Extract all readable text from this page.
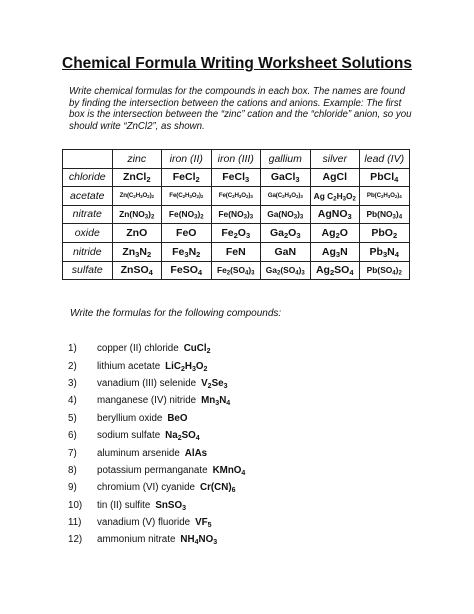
Chemical Formula Writing Worksheet Solutions
Write chemical formulas for the compounds in each box. The names are found by finding the intersection between the cations and anions. Example: The first box is the intersection between the “zinc” cation and the “chloride” anion, so you should write “ZnCl2”, as shown.
	zinc	iron (II)	iron (III)	gallium	silver	lead (IV)
chloride	ZnCl$_2$	FeCl$_2$	FeCl$_3$	GaCl$_3$	AgCl	PbCl$_4$
acetate	$Zn(C_2H_3O_2)_2$	$Fe(C_2H_3O_2)_2$	$Fe(C_2H_3O_2)_3$	$Ga(C_2H_3O_2)_3$	Ag $C_2H_3O_2$	$Pb(C_2H_3O_2)_4$
nitrate	$Zn(NO_3)_2$	$Fe(NO_3)_2$	$Fe(NO_3)_3$	$Ga(NO_3)_3$	AgNO$_3$	$Pb(NO_3)_4$
oxide	ZnO	FeO	$Fe_2O_3$	$Ga_2O_3$	$Ag_2O$	PbO$_2$
nitride	$Zn_3N_2$	$Fe_3N_2$	FeN	GaN	$Ag_3N$	$Pb_3N_4$
sulfate	ZnSO$_4$	FeSO$_4$	$Fe_2(SO_4)_3$	$Ga_2(SO_4)_3$	$Ag_2SO_4$	$Pb(SO_4)_2$
Write the formulas for the following compounds:
1)	copper (II) chloride CuCl$_2$
2)	lithium acetate $LiC_2H_3O_2$
3)	vanadium (III) selenide $V_2Se_3$
4)	manganese (IV) nitride $Mn_3N_4$
5)	beryllium oxide BeO
6)	sodium sulfate $Na_2SO_4$
7)	aluminum arsenide AlAs
8)	potassium permanganate KMnO$_4$
9)	chromium (VI) cyanide $Cr(CN)_6$
10)	tin (II) sulfite SnSO$_3$
11)	vanadium (V) fluoride $VF_5$
12)	ammonium nitrate $NH_4NO_3$
